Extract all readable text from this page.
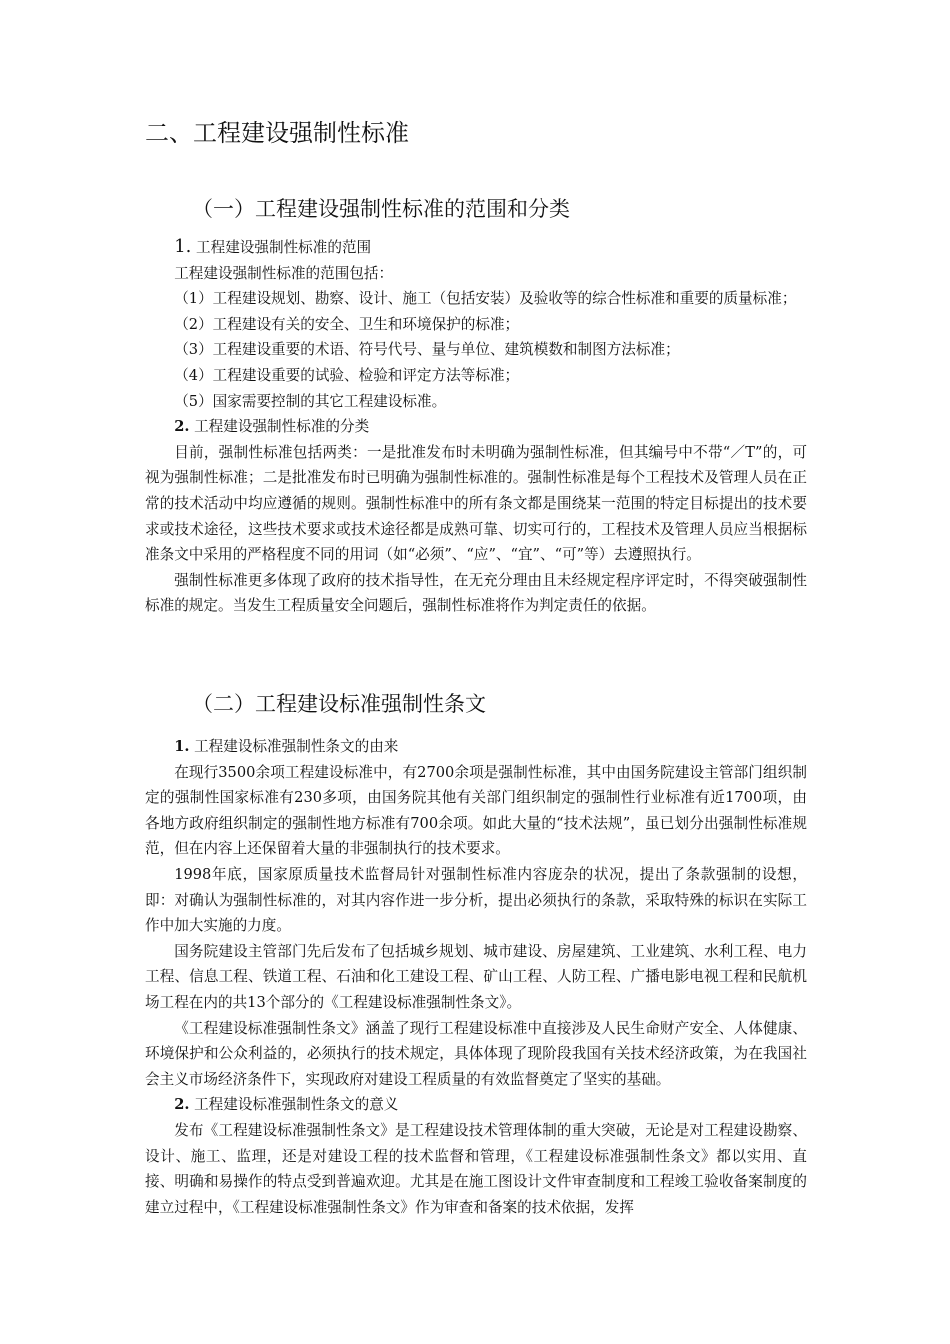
二、工程建设强制性标准
（一）工程建设强制性标准的范围和分类

1. 工程建设强制性标准的范围

工程建设强制性标准的范围包括：

（1）工程建设规划、勘察、设计、施工（包括安装）及验收等的综合性标准和重要的质量标准；

（2）工程建设有关的安全、卫生和环境保护的标准；

（3）工程建设重要的术语、符号代号、量与单位、建筑模数和制图方法标准；

（4）工程建设重要的试验、检验和评定方法等标准；

（5）国家需要控制的其它工程建设标准。

2. 工程建设强制性标准的分类

目前，强制性标准包括两类：一是批准发布时未明确为强制性标准，但其编号中不带“／T”的，可视为强制性标准；二是批准发布时已明确为强制性标准的。强制性标准是每个工程技术及管理人员在正常的技术活动中均应遵循的规则。强制性标准中的所有条文都是围绕某一范围的特定目标提出的技术要求或技术途径，这些技术要求或技术途径都是成熟可靠、切实可行的，工程技术及管理人员应当根据标准条文中采用的严格程度不同的用词（如“必须”、“应”、“宜”、“可”等）去遵照执行。

强制性标准更多体现了政府的技术指导性，在无充分理由且未经规定程序评定时，不得突破强制性标准的规定。当发生工程质量安全问题后，强制性标准将作为判定责任的依据。

（二）工程建设标准强制性条文

1. 工程建设标准强制性条文的由来

在现行3500余项工程建设标准中，有2700余项是强制性标准，其中由国务院建设主管部门组织制定的强制性国家标准有230多项，由国务院其他有关部门组织制定的强制性行业标准有近1700项，由各地方政府组织制定的强制性地方标准有700余项。如此大量的“技术法规”，虽已划分出强制性标准规范，但在内容上还保留着大量的非强制执行的技术要求。

1998年底，国家原质量技术监督局针对强制性标准内容庞杂的状况，提出了条款强制的设想，即：对确认为强制性标准的，对其内容作进一步分析，提出必须执行的条款，采取特殊的标识在实际工作中加大实施的力度。

国务院建设主管部门先后发布了包括城乡规划、城市建设、房屋建筑、工业建筑、水利工程、电力工程、信息工程、铁道工程、石油和化工建设工程、矿山工程、人防工程、广播电影电视工程和民航机场工程在内的共13个部分的《工程建设标准强制性条文》。

《工程建设标准强制性条文》涵盖了现行工程建设标准中直接涉及人民生命财产安全、人体健康、环境保护和公众利益的，必须执行的技术规定，具体体现了现阶段我国有关技术经济政策，为在我国社会主义市场经济条件下，实现政府对建设工程质量的有效监督奠定了坚实的基础。

2. 工程建设标准强制性条文的意义

发布《工程建设标准强制性条文》是工程建设技术管理体制的重大突破，无论是对工程建设勘察、设计、施工、监理，还是对建设工程的技术监督和管理，《工程建设标准强制性条文》都以实用、直接、明确和易操作的特点受到普遍欢迎。尤其是在施工图设计文件审查制度和工程竣工验收备案制度的建立过程中，《工程建设标准强制性条文》作为审查和备案的技术依据，发挥
